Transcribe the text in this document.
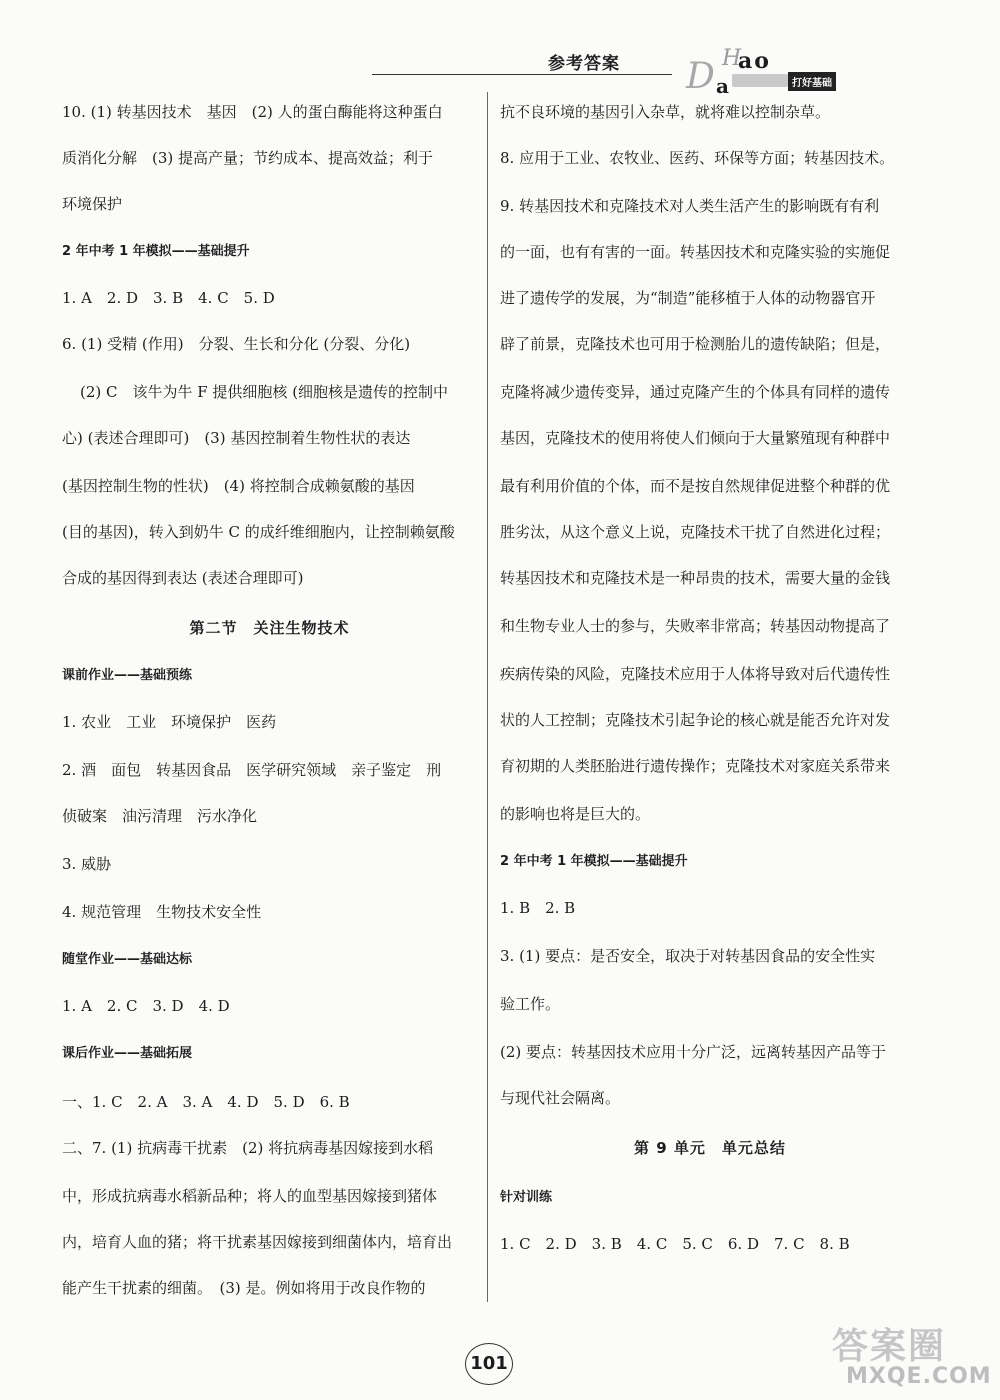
参考答案 D H
ao
a	打好基础
10. (1) 转基因技术　基因　(2) 人的蛋白酶能将这种蛋白
质消化分解　(3) 提高产量；节约成本、提高效益；利于
环境保护
2 年中考 1 年模拟——基础提升
1. A　2. D　3. B　4. C　5. D
6. (1) 受精 (作用)　分裂、生长和分化 (分裂、分化)
(2) C　该牛为牛 F 提供细胞核 (细胞核是遗传的控制中
心) (表述合理即可)　(3) 基因控制着生物性状的表达
(基因控制生物的性状)　(4) 将控制合成赖氨酸的基因
(目的基因)，转入到奶牛 C 的成纤维细胞内，让控制赖氨酸
合成的基因得到表达 (表述合理即可)
第二节　关注生物技术
课前作业——基础预练
1. 农业　工业　环境保护　医药
2. 酒　面包　转基因食品　医学研究领域　亲子鉴定　刑
侦破案　油污清理　污水净化
3. 威胁
4. 规范管理　生物技术安全性
随堂作业——基础达标
1. A　2. C　3. D　4. D
课后作业——基础拓展
一、1. C　2. A　3. A　4. D　5. D　6. B
二、7. (1) 抗病毒干扰素　(2) 将抗病毒基因嫁接到水稻
中，形成抗病毒水稻新品种；将人的血型基因嫁接到猪体
内，培育人血的猪；将干扰素基因嫁接到细菌体内，培育出
能产生干扰素的细菌。　(3) 是。例如将用于改良作物的
抗不良环境的基因引入杂草，就将难以控制杂草。
8. 应用于工业、农牧业、医药、环保等方面；转基因技术。
9. 转基因技术和克隆技术对人类生活产生的影响既有有利
的一面，也有有害的一面。转基因技术和克隆实验的实施促
进了遗传学的发展，为“制造”能移植于人体的动物器官开
辟了前景，克隆技术也可用于检测胎儿的遗传缺陷；但是，
克隆将减少遗传变异，通过克隆产生的个体具有同样的遗传
基因，克隆技术的使用将使人们倾向于大量繁殖现有种群中
最有利用价值的个体，而不是按自然规律促进整个种群的优
胜劣汰，从这个意义上说，克隆技术干扰了自然进化过程；
转基因技术和克隆技术是一种昂贵的技术，需要大量的金钱
和生物专业人士的参与，失败率非常高；转基因动物提高了
疾病传染的风险，克隆技术应用于人体将导致对后代遗传性
状的人工控制；克隆技术引起争论的核心就是能否允许对发
育初期的人类胚胎进行遗传操作；克隆技术对家庭关系带来
的影响也将是巨大的。
2 年中考 1 年模拟——基础提升
1. B　2. B
3. (1) 要点：是否安全，取决于对转基因食品的安全性实
验工作。
(2) 要点：转基因技术应用十分广泛，远离转基因产品等于
与现代社会隔离。
第 9 单元　单元总结
针对训练
1. C　2. D　3. B　4. C　5. C　6. D　7. C　8. B
101	答案圈
MXQE.COM
